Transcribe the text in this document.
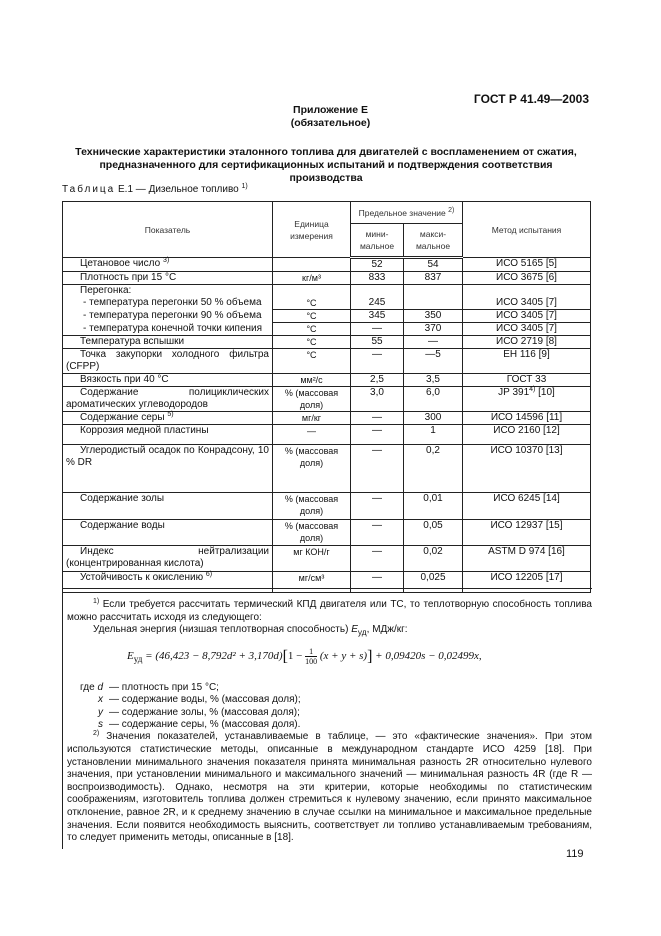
ГОСТ Р 41.49—2003
Приложение Е
(обязательное)
Технические характеристики эталонного топлива для двигателей с воспламенением от сжатия, предназначенного для сертификационных испытаний и подтверждения соответствия производства
Таблица Е.1 — Дизельное топливо $^{1)}$
Показатель	Единица измерения	Предельное значение $^{2)}$		Метод испытания
		мини-мальное	макси-мальное	
Цетановое число $^{3)}$		52	54	ИСО 5165 [5]
Плотность при 15 °C	кг/м³	833	837	ИСО 3675 [6]
Перегонка:				
- температура перегонки 50 % объема	°C	245		ИСО 3405 [7]
- температура перегонки 90 % объема	°C	345	350	ИСО 3405 [7]
- температура конечной точки кипения	°C	—	370	ИСО 3405 [7]
Температура вспышки	°C	55	—	ИСО 2719 [8]
Точка закупорки холодного фильтра (CFPP)	°C	—	—5	ЕН 116 [9]
Вязкость при 40 °C	мм²/с	2,5	3,5	ГОСТ 33
Содержание полициклических ароматических углеводородов	% (массовая доля)	3,0	6,0	JP 391$^{4)}$ [10]
Содержание серы $^{5)}$	мг/кг	—	300	ИСО 14596 [11]
Коррозия медной пластины	—	—	1	ИСО 2160 [12]
Углеродистый осадок по Конрадсону, 10 % DR	% (массовая доля)	—	0,2	ИСО 10370 [13]
Содержание золы	% (массовая доля)	—	0,01	ИСО 6245 [14]
Содержание воды	% (массовая доля)	—	0,05	ИСО 12937 [15]
Индекс нейтрализации (концентрированная кислота)	мг КОН/г	—	0,02	ASTM D 974 [16]
Устойчивость к окислению $^{6)}$	мг/см³	—	0,025	ИСО 12205 [17]

$^{1)}$ Если требуется рассчитать термический КПД двигателя или ТС, то теплотворную способность топлива можно рассчитать исходя из следующего:

Удельная энергия (низшая теплотворная способность) $E_{уд}$, МДж/кг:

$E_{уд} = (46,423 - 8,792d^2 + 3,170d)[1 - \frac{1}{100} (x + y + s)] + 0,09420s - 0,02499x$,

где d	— плотность при 15 °C;
x	— содержание воды, % (массовая доля);
y	— содержание золы, % (массовая доля);
s	— содержание серы, % (массовая доля).

$^{2)}$ Значения показателей, устанавливаемые в таблице, — это «фактические значения». При этом используются статистические методы, описанные в международном стандарте ИСО 4259 [18]. При установлении минимального значения показателя принята минимальная разность 2R относительно нулевого значения, при установлении минимального и максимального значений — минимальная разность 4R (где R — воспроизводимость). Однако, несмотря на эти критерии, которые необходимы по статистическим соображениям, изготовитель топлива должен стремиться к нулевому значению, если принято максимальное отклонение, равное 2R, и к среднему значению в случае ссылки на минимальное и максимальное предельные значения. Если появится необходимость выяснить, соответствует ли топливо устанавливаемым требованиям, то следует применить методы, описанные в [18].

119
